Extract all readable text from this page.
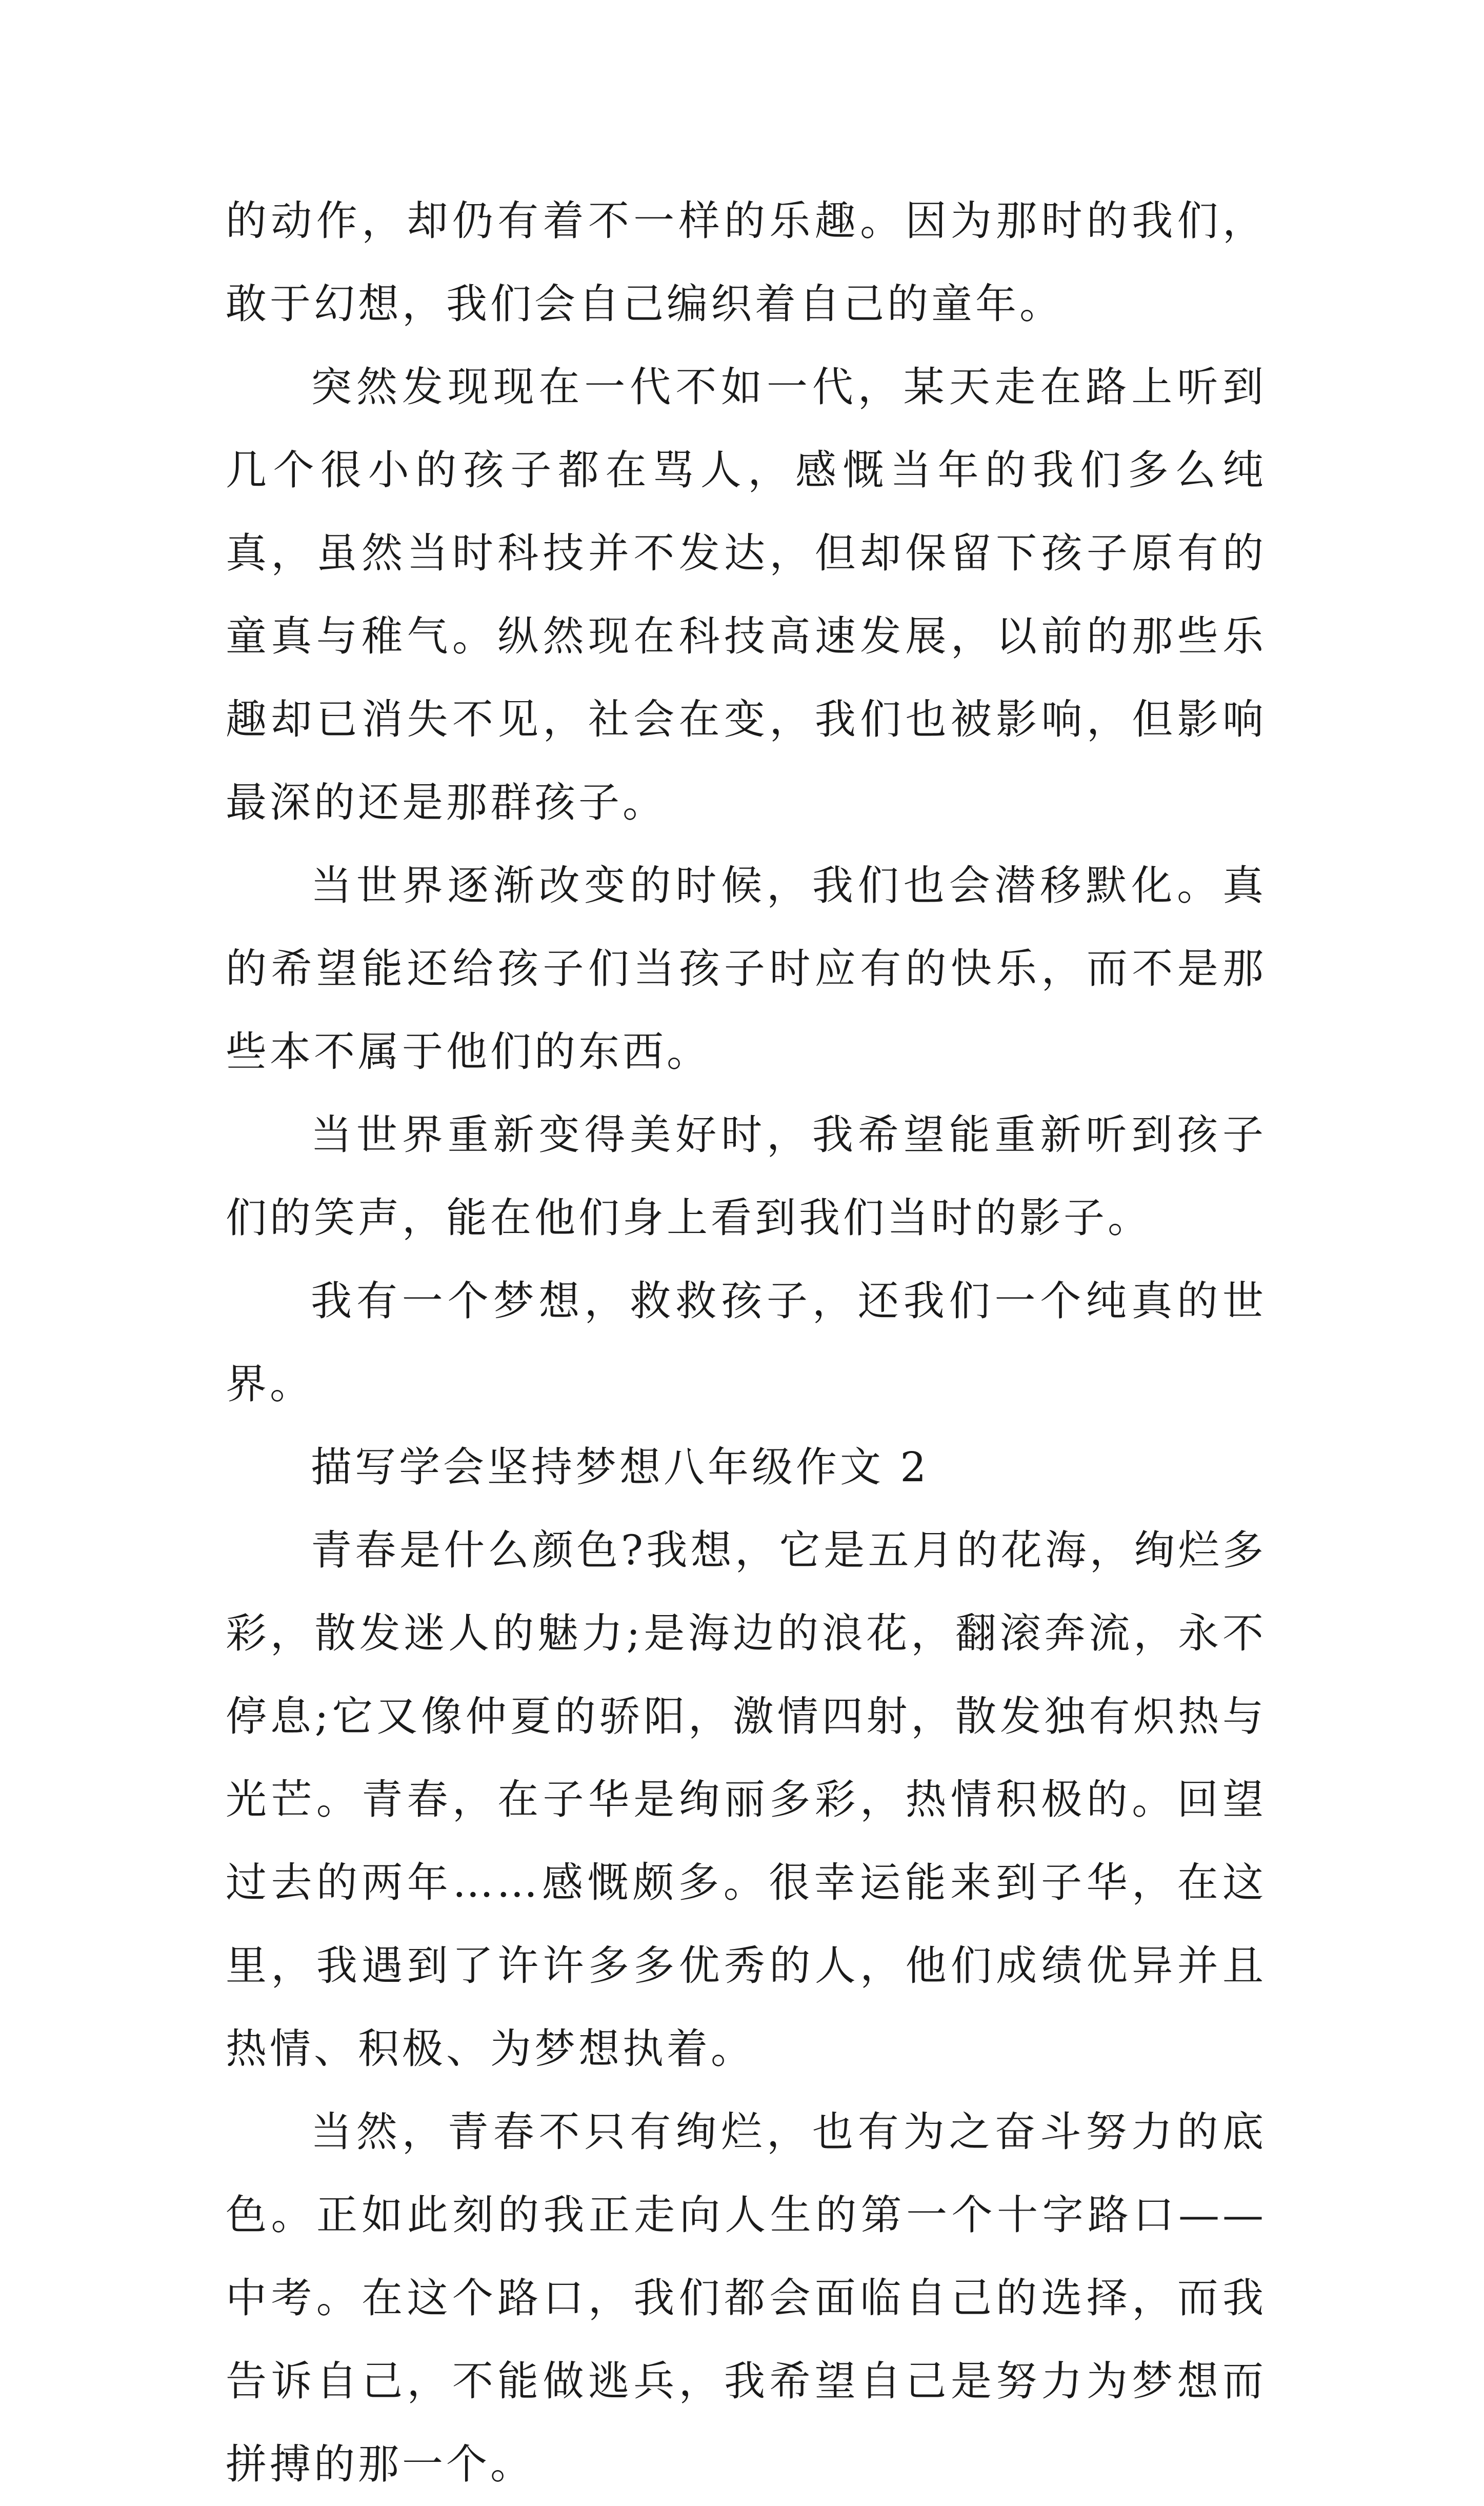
的动作，却仍有着不一样的乐趣。因为那时的我们，敢于幻想，我们会自己编织着自己的童年。

突然发现现在一代不如一代，某天走在路上听到几个很小的孩子都在骂人，感慨当年的我们多么纯真，虽然当时科技并不发达，但却保留下孩子原有的童真与稚气。纵然现在科技高速发展，以前的那些乐趣却已消失不见，社会在变，我们也被影响，但影响最深的还是那群孩子。

当世界逐渐改变的时候，我们也会潜移默化。真的希望能还给孩子们当孩子时应有的快乐，而不是那些本不属于他们的东西。

当世界重新变得美好时，我希望能重新听到孩子们的笑声，能在他们身上看到我们当时的影子。

我有一个梦想，救救孩子，还我们一个纯真的世界。

描写学会坚持梦想八年级作文 2

青春是什么颜色?我想，它是五月的花海，绚烂多彩，散发迷人的魅力;是海边的浪花，翻滚奔流，永不停息;它又像仲夏的骄阳，激情四射，散发独有炽热与光芒。青春，在子华是绚丽多彩，热情积极的。回望过去的两年……感慨颇多。很幸运能来到子华，在这里，我遇到了许许多多优秀的人，他们成绩优异并且热情、积极、为梦想执着。

当然，青春不只有绚烂，也有为之奋斗努力的底色。正如此刻的我正走向人生的第一个十字路口——中考。在这个路口，我们都会面临自己的选择，而我告诉自己，不能做逃兵，我希望自己是努力为梦想而拼搏的那一个。
